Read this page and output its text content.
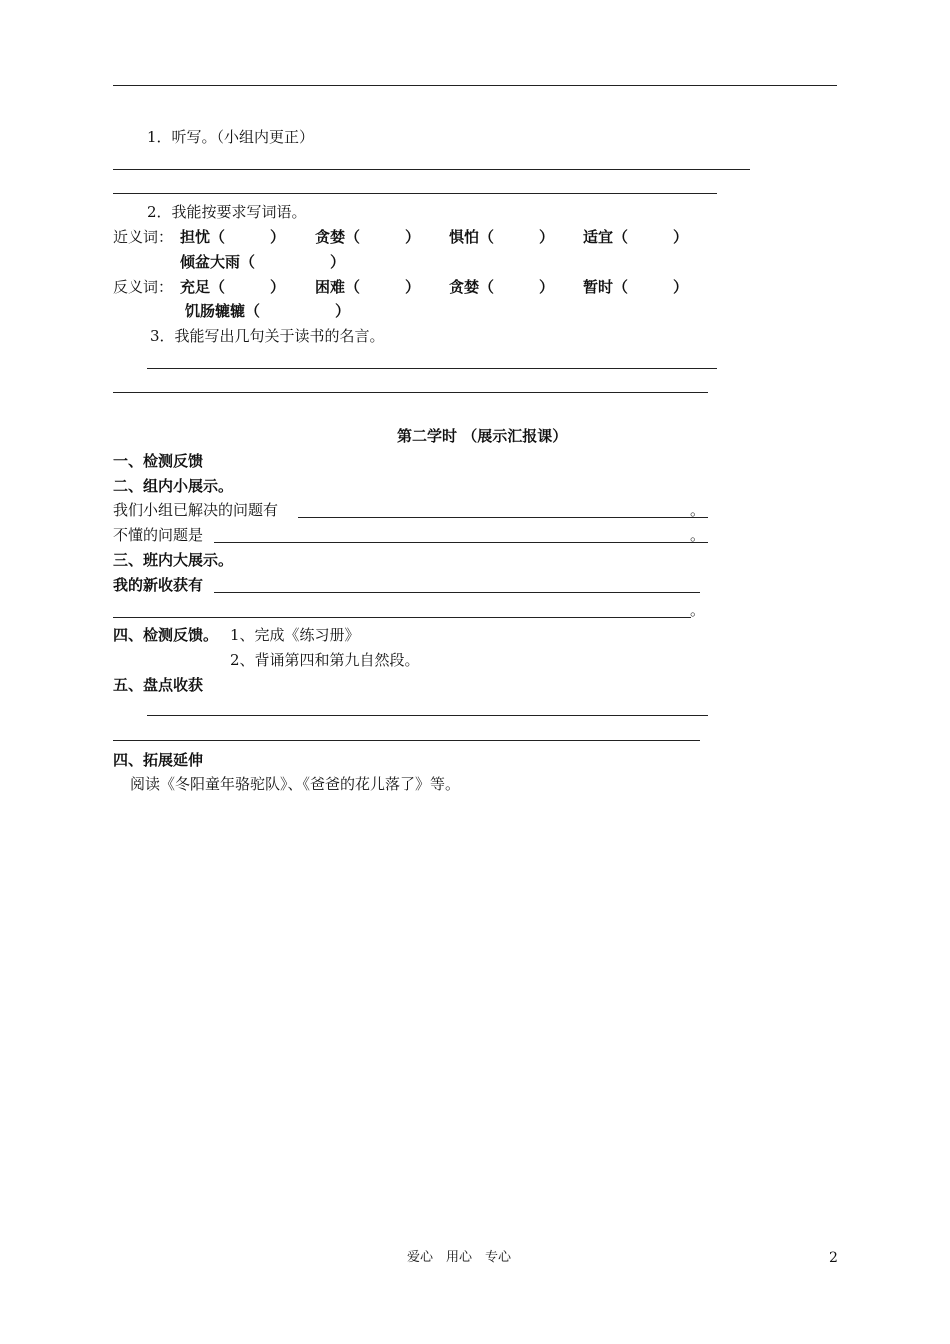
1．听写。（小组内更正）
2．我能按要求写词语。
近义词： 担忧（　　　） 贪婪（　　　） 惧怕（　　　） 适宜（　　　）
倾盆大雨（　　　　　）
反义词： 充足（　　　） 困难（　　　） 贪婪（　　　） 暂时（　　　）
饥肠辘辘（　　　　　）
3．我能写出几句关于读书的名言。
第二学时 （展示汇报课）
一、检测反馈
二、组内小展示。
我们小组已解决的问题有	。
不懂的问题是	。
三、班内大展示。
我的新收获有
。
四、检测反馈。 1、完成《练习册》
2、背诵第四和第九自然段。
五、盘点收获
四、拓展延伸
阅读《冬阳童年骆驼队》、《爸爸的花儿落了》等。
爱心　用心　专心	2
